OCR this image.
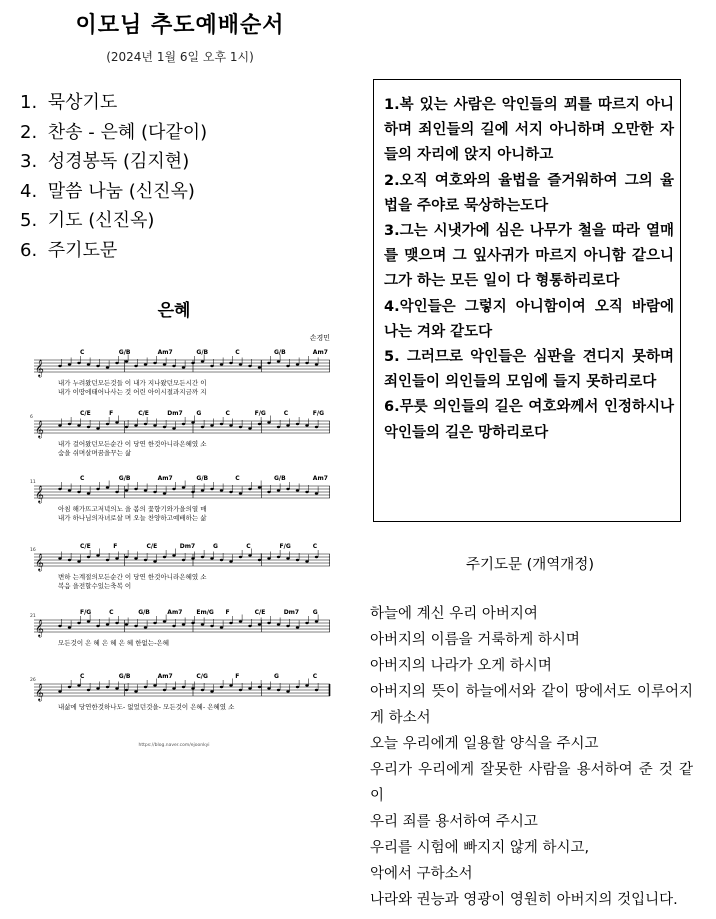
이모님 추도예배순서
(2024년 1월 6일 오후 1시)
1. 묵상기도
2. 찬송 - 은혜 (다같이)
3. 성경봉독 (김지현)
4. 말씀 나눔 (신진옥)
5. 기도 (신진옥)
6. 주기도문

1.복 있는 사람은 악인들의 꾀를 따르지 아니하며 죄인들의 길에 서지 아니하며 오만한 자들의 자리에 앉지 아니하고

2.오직 여호와의 율법을 즐거워하여 그의 율법을 주야로 묵상하는도다

3.그는 시냇가에 심은 나무가 철을 따라 열매를 맺으며 그 잎사귀가 마르지 아니함 같으니 그가 하는 모든 일이 다 형통하리로다

4.악인들은 그렇지 아니함이여 오직 바람에 나는 겨와 같도다

5. 그러므로 악인들은 심판을 견디지 못하며 죄인들이 의인들의 모임에 들지 못하리로다

6.무릇 의인들의 길은 여호와께서 인정하시나 악인들의 길은 망하리로다

주기도문 (개역개정)

하늘에 계신 우리 아버지여

아버지의 이름을 거룩하게 하시며

아버지의 나라가 오게 하시며

아버지의 뜻이 하늘에서와 같이 땅에서도 이루어지게 하소서

오늘 우리에게 일용할 양식을 주시고

우리가 우리에게 잘못한 사람을 용서하여 준 것 같이

우리 죄를 용서하여 주시고

우리를 시험에 빠지지 않게 하시고,

악에서 구하소서

나라와 권능과 영광이 영원히 아버지의 것입니다.

은혜
손경민
C	G/B	Am7	G/B	C	G/B	Am7
𝄞
내가 누려왔던모든것들 이 내가 지나왔던모든시간 이
내가 이땅에태어나사는 것 어린 아이시절과지금까 지
C/E	F	C/E	Dm7 G	C	F/G	C	F/G
6
𝄞
내가 걸어왔던모든순간 이 당연 한것아니라은혜였 소
숨을 쉬며살며꿈을꾸는 삶
C	G/B	Am7	G/B	C	G/B	Am7
11
𝄞
아침 해가뜨고저녁의노 을 봄의 꽃향기와가을의열 매
내가 하나님의자녀로살 며 오늘 찬양하고예배하는 삶
C/E	F	C/E	Dm7	G	C	F/G	C
16
𝄞
변하 는계절의모든순간 이 당연 한것아니라은혜였 소
복음 을전할수있는축복 이
F/G	C	G/B	Am7 Em/G F	C/E	Dm7 G
21
𝄞
모든것이 은 혜 은 혜 은 혜 한없는-은혜
C	G/B	Am7	C/G	F	G	C
26
𝄞
내삶에 당연한것하나도- 없었던것을- 모든것이 은혜- 은혜였 소
https://blog.naver.com/ejoonkyi
